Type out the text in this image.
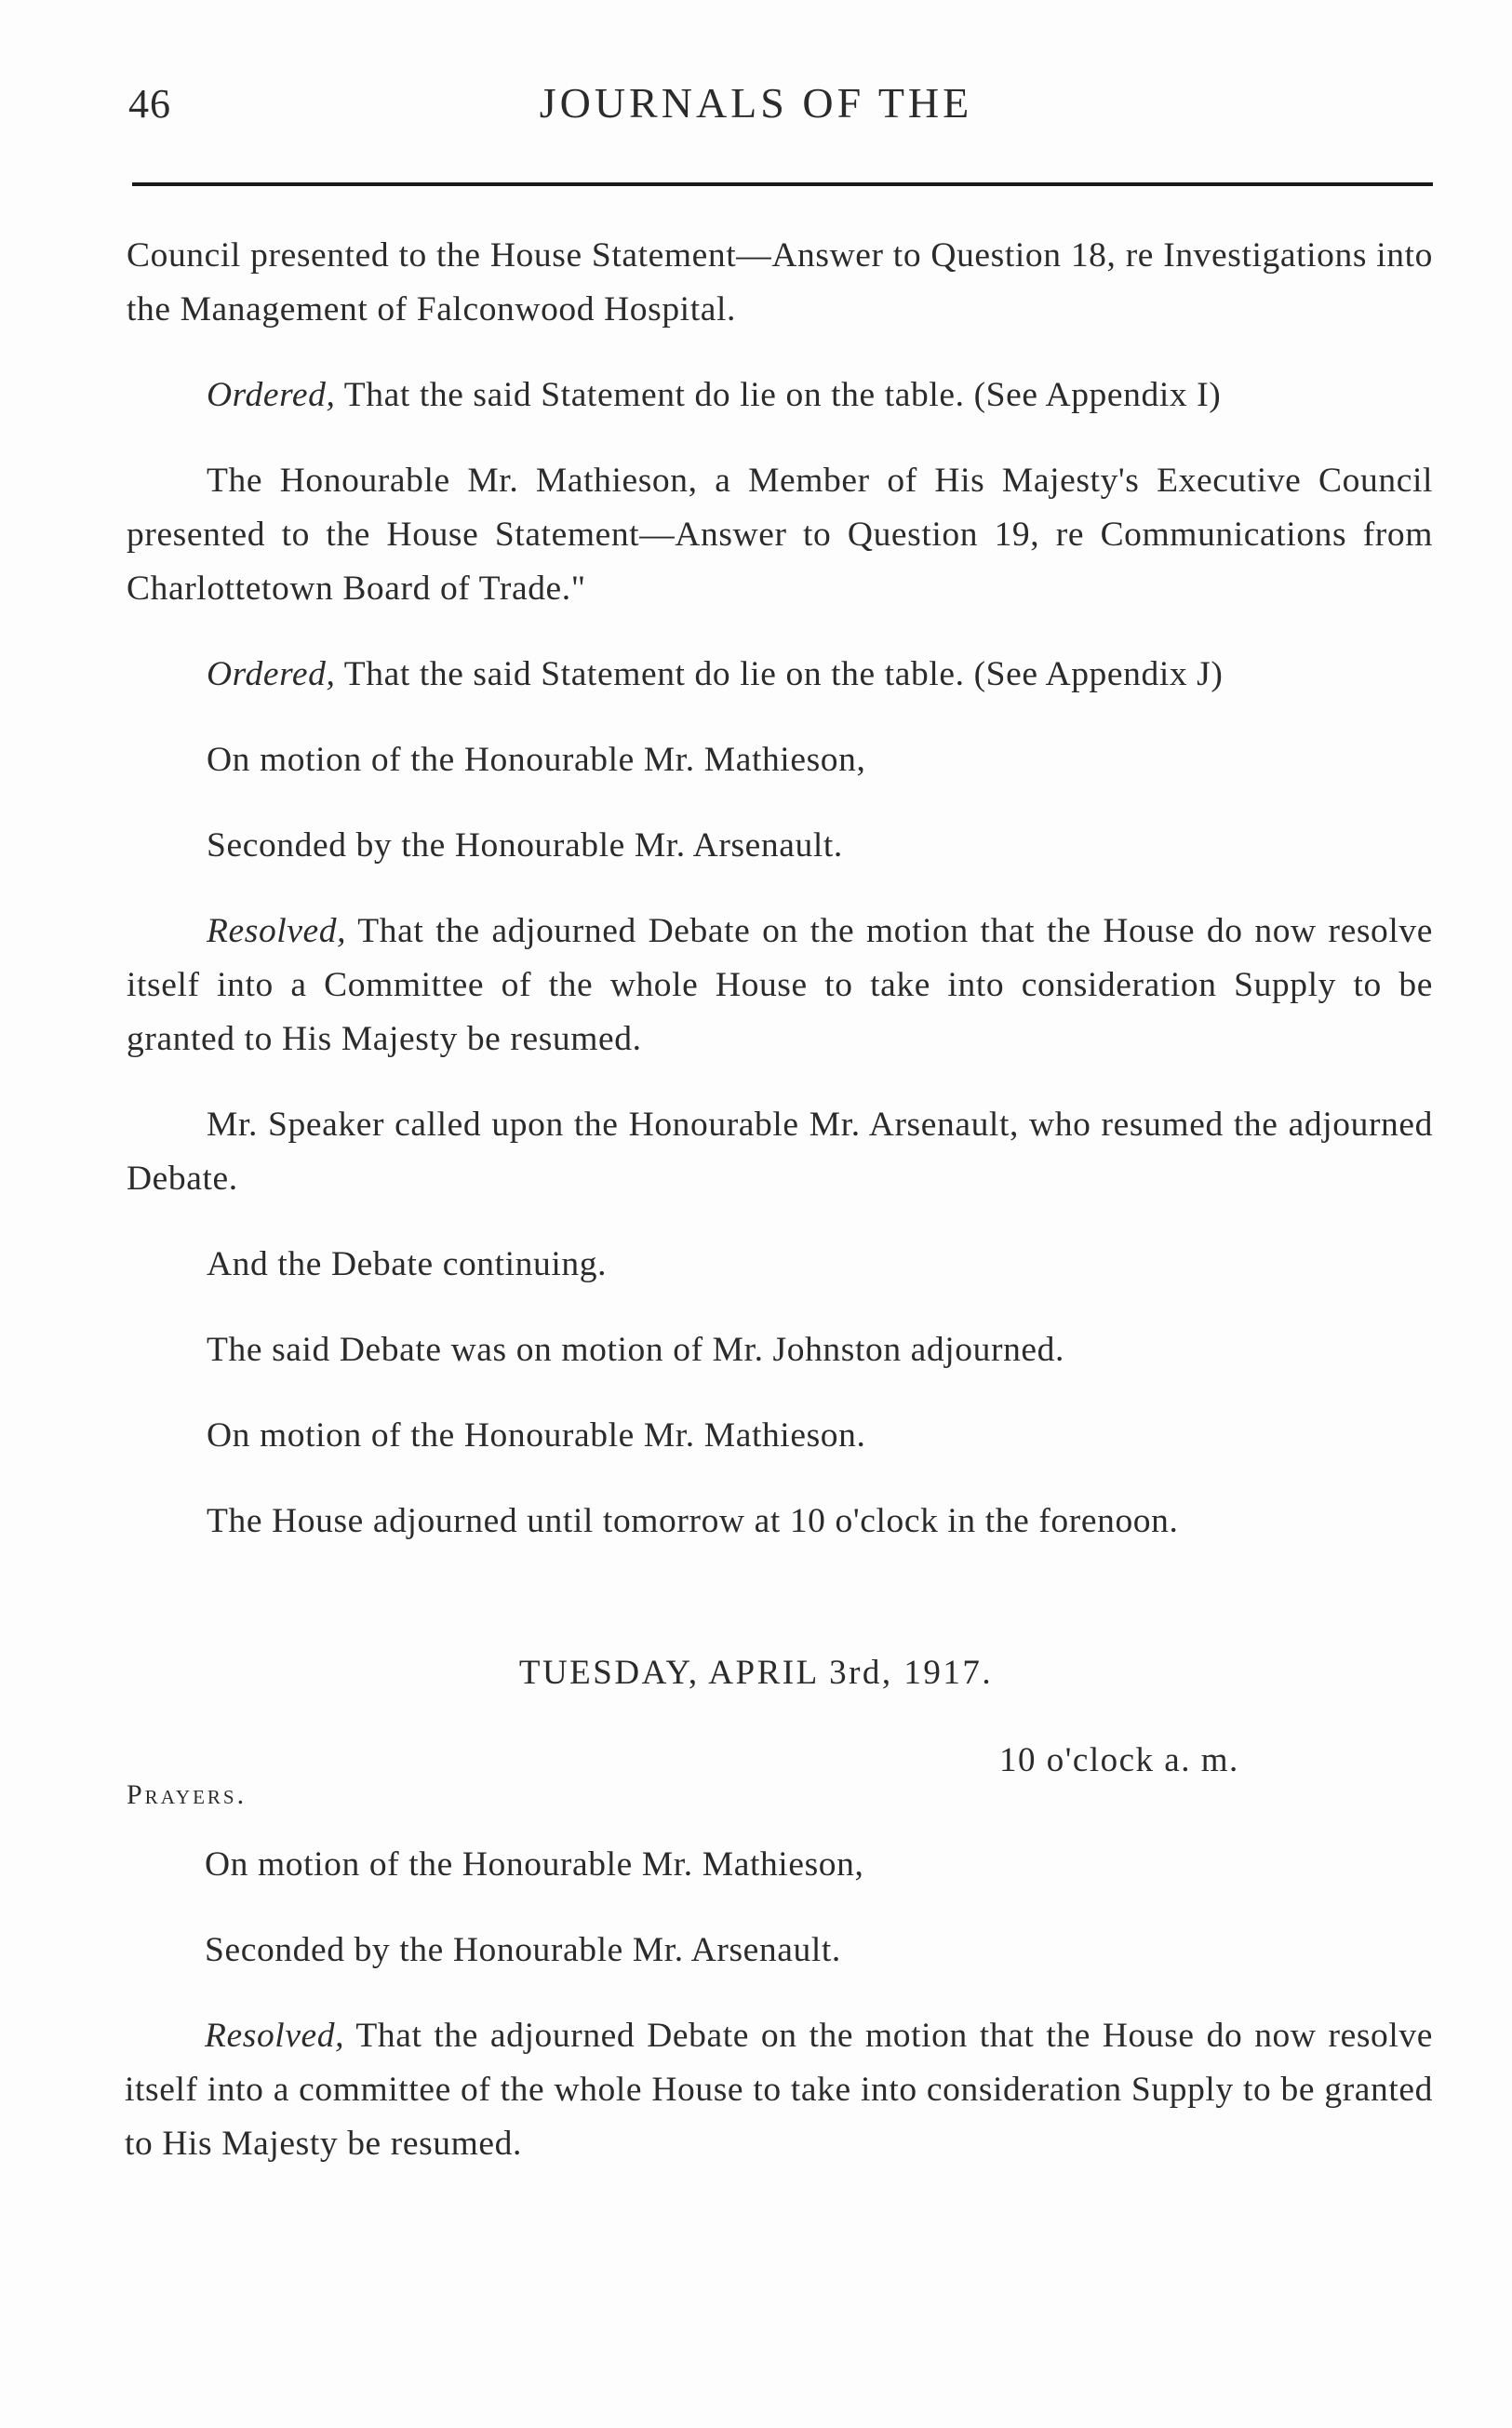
46	JOURNALS OF THE

Council presented to the House Statement—Answer to Question 18, re Investigations into the Management of Falconwood Hospital.

Ordered, That the said Statement do lie on the table. (See Appendix I)

The Honourable Mr. Mathieson, a Member of His Majesty's Executive Council presented to the House Statement—Answer to Question 19, re Communications from Charlottetown Board of Trade."

Ordered, That the said Statement do lie on the table. (See Appendix J)

On motion of the Honourable Mr. Mathieson,

Seconded by the Honourable Mr. Arsenault.

Resolved, That the adjourned Debate on the motion that the House do now resolve itself into a Committee of the whole House to take into consideration Supply to be granted to His Majesty be resumed.

Mr. Speaker called upon the Honourable Mr. Arsenault, who resumed the adjourned Debate.

And the Debate continuing.

The said Debate was on motion of Mr. Johnston adjourned.

On motion of the Honourable Mr. Mathieson.

The House adjourned until tomorrow at 10 o'clock in the forenoon.

TUESDAY, APRIL 3rd, 1917.
10 o'clock a. m.
Prayers.

On motion of the Honourable Mr. Mathieson,

Seconded by the Honourable Mr. Arsenault.

Resolved, That the adjourned Debate on the motion that the House do now resolve itself into a committee of the whole House to take into consideration Supply to be granted to His Majesty be resumed.
